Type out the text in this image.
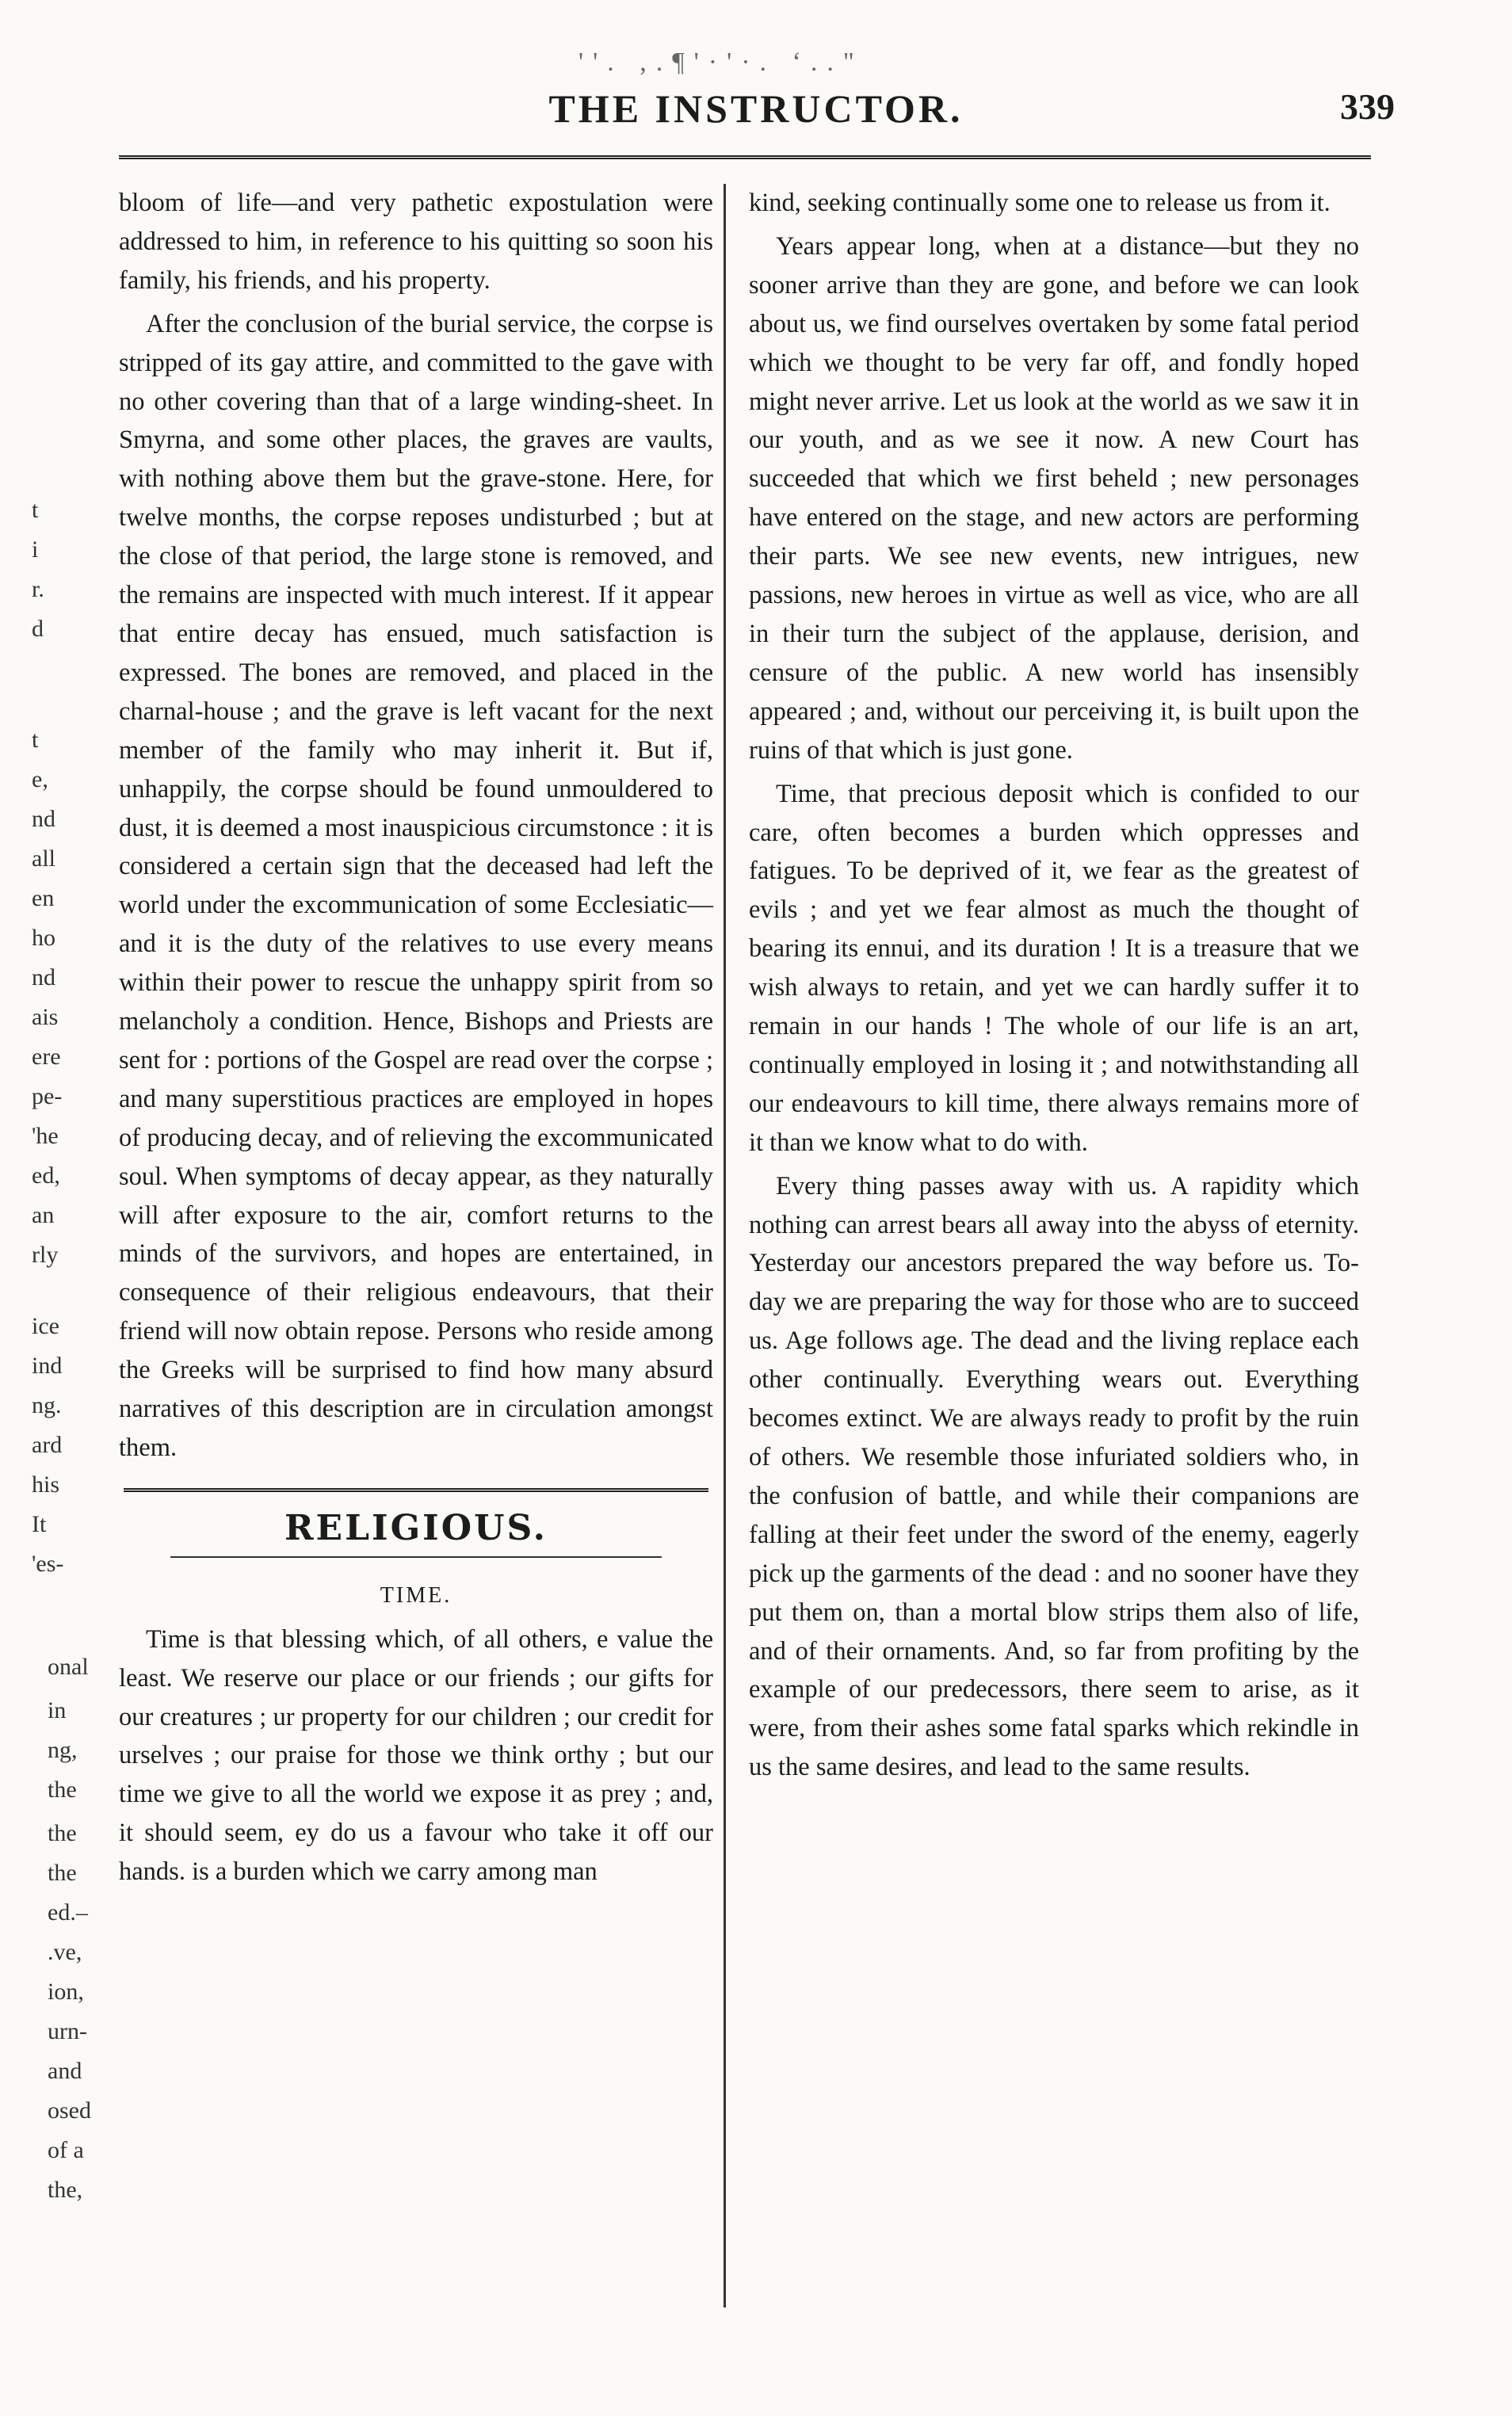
''. ,.¶'·'·. ‘.."
THE INSTRUCTOR.	339
t
i
r.
d
t
e,
nd
all
en
ho
nd
ais
ere
pe-
'he
ed,
an
rly
ice
ind
ng.
ard
his
It
'es-
onal
in
ng,
the
the
the
ed.–
.ve,
ion,
urn-
and
osed
of a
the,

bloom of life—and very pathetic expostulation were addressed to him, in reference to his quitting so soon his family, his friends, and his property.

After the conclusion of the burial service, the corpse is stripped of its gay attire, and committed to the gave with no other covering than that of a large winding-sheet. In Smyrna, and some other places, the graves are vaults, with nothing above them but the grave-stone. Here, for twelve months, the corpse reposes undisturbed ; but at the close of that period, the large stone is removed, and the remains are inspected with much interest. If it appear that entire decay has ensued, much satisfaction is expressed. The bones are removed, and placed in the charnal-house ; and the grave is left vacant for the next member of the family who may inherit it. But if, unhappily, the corpse should be found unmouldered to dust, it is deemed a most inauspicious circumstonce : it is considered a certain sign that the deceased had left the world under the excommunication of some Ecclesiatic—and it is the duty of the relatives to use every means within their power to rescue the unhappy spirit from so melancholy a condition. Hence, Bishops and Priests are sent for : portions of the Gospel are read over the corpse ; and many superstitious practices are employed in hopes of producing decay, and of relieving the excommunicated soul. When symptoms of decay appear, as they naturally will after exposure to the air, comfort returns to the minds of the survivors, and hopes are entertained, in consequence of their religious endeavours, that their friend will now obtain repose. Persons who reside among the Greeks will be surprised to find how many absurd narratives of this description are in circulation amongst them.

RELIGIOUS.
TIME.

Time is that blessing which, of all others, e value the least. We reserve our place or our friends ; our gifts for our creatures ; ur property for our children ; our credit for urselves ; our praise for those we think orthy ; but our time we give to all the world we expose it as prey ; and, it should seem, ey do us a favour who take it off our hands. is a burden which we carry among man

kind, seeking continually some one to release us from it.

Years appear long, when at a distance—but they no sooner arrive than they are gone, and before we can look about us, we find ourselves overtaken by some fatal period which we thought to be very far off, and fondly hoped might never arrive. Let us look at the world as we saw it in our youth, and as we see it now. A new Court has succeeded that which we first beheld ; new personages have entered on the stage, and new actors are performing their parts. We see new events, new intrigues, new passions, new heroes in virtue as well as vice, who are all in their turn the subject of the applause, derision, and censure of the public. A new world has insensibly appeared ; and, without our perceiving it, is built upon the ruins of that which is just gone.

Time, that precious deposit which is confided to our care, often becomes a burden which oppresses and fatigues. To be deprived of it, we fear as the greatest of evils ; and yet we fear almost as much the thought of bearing its ennui, and its duration ! It is a treasure that we wish always to retain, and yet we can hardly suffer it to remain in our hands ! The whole of our life is an art, continually employed in losing it ; and notwithstanding all our endeavours to kill time, there always remains more of it than we know what to do with.

Every thing passes away with us. A rapidity which nothing can arrest bears all away into the abyss of eternity. Yesterday our ancestors prepared the way before us. To-day we are preparing the way for those who are to succeed us. Age follows age. The dead and the living replace each other continually. Everything wears out. Everything becomes extinct. We are always ready to profit by the ruin of others. We resemble those infuriated soldiers who, in the confusion of battle, and while their companions are falling at their feet under the sword of the enemy, eagerly pick up the garments of the dead : and no sooner have they put them on, than a mortal blow strips them also of life, and of their ornaments. And, so far from profiting by the example of our predecessors, there seem to arise, as it were, from their ashes some fatal sparks which rekindle in us the same desires, and lead to the same results.
